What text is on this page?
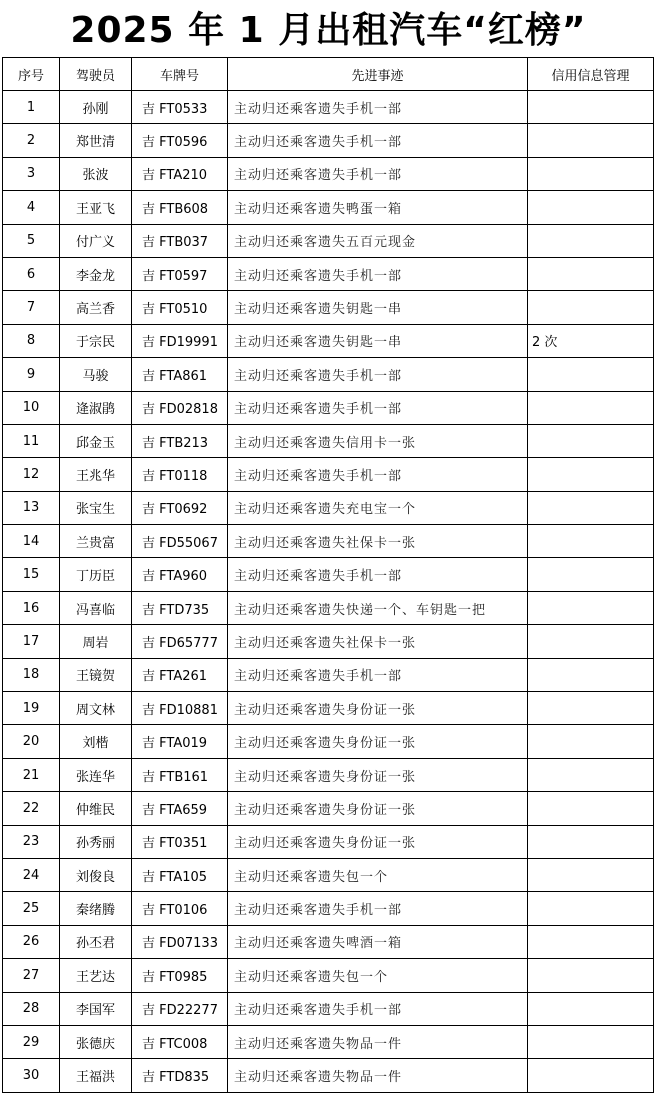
2025 年 1 月出租汽车“红榜”
序号	驾驶员	车牌号	先进事迹	信用信息管理
1	孙刚	吉 FT0533	主动归还乘客遗失手机一部	
2	郑世清	吉 FT0596	主动归还乘客遗失手机一部	
3	张波	吉 FTA210	主动归还乘客遗失手机一部	
4	王亚飞	吉 FTB608	主动归还乘客遗失鸭蛋一箱	
5	付广义	吉 FTB037	主动归还乘客遗失五百元现金	
6	李金龙	吉 FT0597	主动归还乘客遗失手机一部	
7	高兰香	吉 FT0510	主动归还乘客遗失钥匙一串	
8	于宗民	吉 FD19991	主动归还乘客遗失钥匙一串	2 次
9	马骏	吉 FTA861	主动归还乘客遗失手机一部	
10	逄淑鹃	吉 FD02818	主动归还乘客遗失手机一部	
11	邱金玉	吉 FTB213	主动归还乘客遗失信用卡一张	
12	王兆华	吉 FT0118	主动归还乘客遗失手机一部	
13	张宝生	吉 FT0692	主动归还乘客遗失充电宝一个	
14	兰贵富	吉 FD55067	主动归还乘客遗失社保卡一张	
15	丁历臣	吉 FTA960	主动归还乘客遗失手机一部	
16	冯喜临	吉 FTD735	主动归还乘客遗失快递一个、车钥匙一把	
17	周岩	吉 FD65777	主动归还乘客遗失社保卡一张	
18	王镜贺	吉 FTA261	主动归还乘客遗失手机一部	
19	周文林	吉 FD10881	主动归还乘客遗失身份证一张	
20	刘楷	吉 FTA019	主动归还乘客遗失身份证一张	
21	张连华	吉 FTB161	主动归还乘客遗失身份证一张	
22	仲维民	吉 FTA659	主动归还乘客遗失身份证一张	
23	孙秀丽	吉 FT0351	主动归还乘客遗失身份证一张	
24	刘俊良	吉 FTA105	主动归还乘客遗失包一个	
25	秦绪腾	吉 FT0106	主动归还乘客遗失手机一部	
26	孙丕君	吉 FD07133	主动归还乘客遗失啤酒一箱	
27	王艺达	吉 FT0985	主动归还乘客遗失包一个	
28	李国军	吉 FD22277	主动归还乘客遗失手机一部	
29	张德庆	吉 FTC008	主动归还乘客遗失物品一件	
30	王福洪	吉 FTD835	主动归还乘客遗失物品一件	
